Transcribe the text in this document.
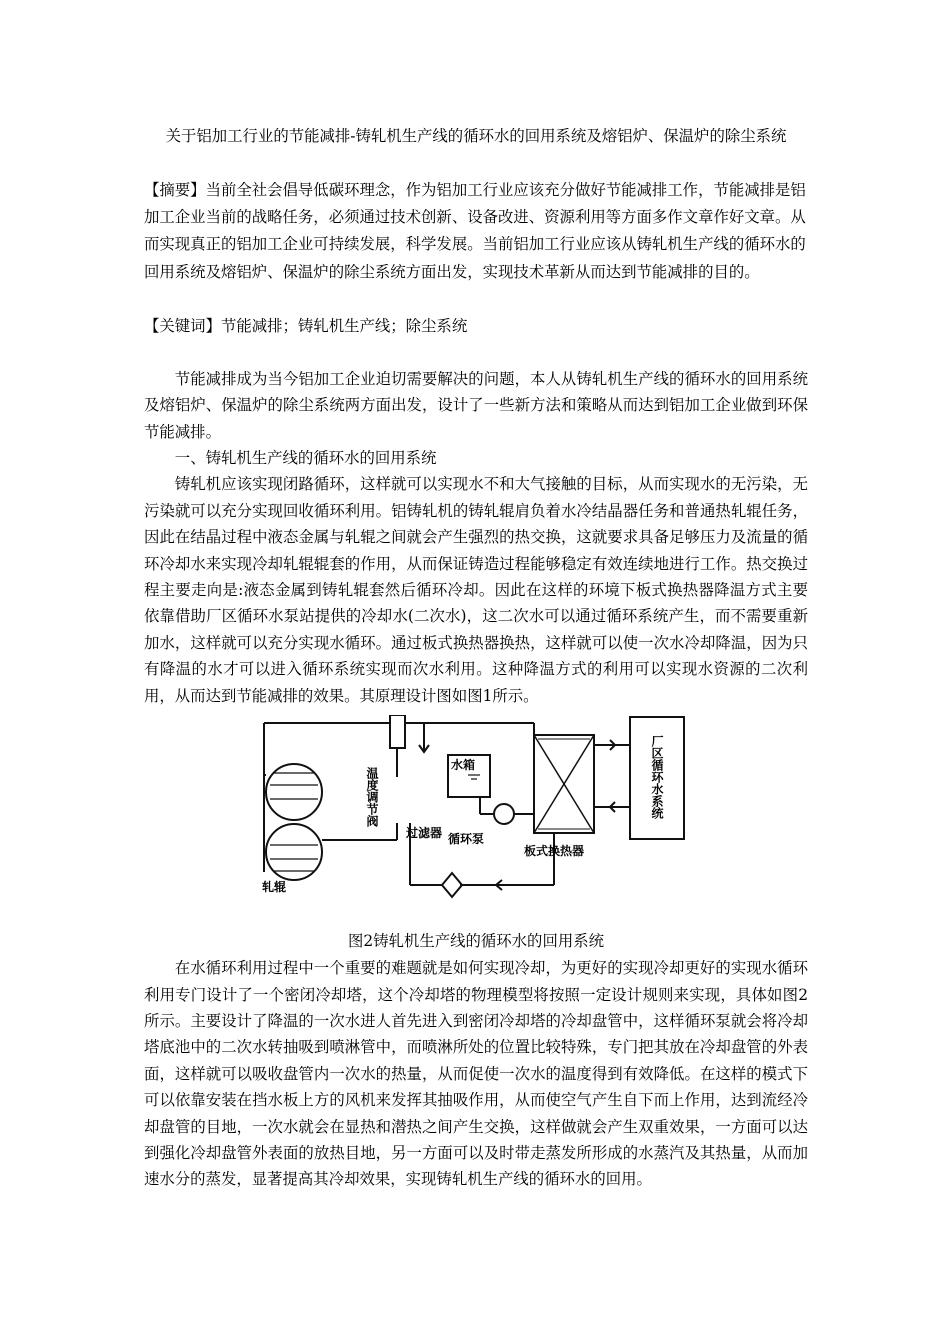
关于铝加工行业的节能减排-铸轧机生产线的循环水的回用系统及熔铝炉、保温炉的除尘系统
【摘要】当前全社会倡导低碳环理念，作为铝加工行业应该充分做好节能减排工作，节能减排是铝加工企业当前的战略任务，必须通过技术创新、设备改进、资源利用等方面多作文章作好文章。从而实现真正的铝加工企业可持续发展，科学发展。当前铝加工行业应该从铸轧机生产线的循环水的回用系统及熔铝炉、保温炉的除尘系统方面出发，实现技术革新从而达到节能减排的目的。
【关键词】节能减排；铸轧机生产线；除尘系统
节能减排成为当今铝加工企业迫切需要解决的问题，本人从铸轧机生产线的循环水的回用系统及熔铝炉、保温炉的除尘系统两方面出发，设计了一些新方法和策略从而达到铝加工企业做到环保节能减排。
一、铸轧机生产线的循环水的回用系统
铸轧机应该实现闭路循环，这样就可以实现水不和大气接触的目标，从而实现水的无污染，无污染就可以充分实现回收循环利用。铝铸轧机的铸轧辊肩负着水冷结晶器任务和普通热轧辊任务，因此在结晶过程中液态金属与轧辊之间就会产生强烈的热交换，这就要求具备足够压力及流量的循环冷却水来实现冷却轧辊辊套的作用，从而保证铸造过程能够稳定有效连续地进行工作。热交换过程主要走向是:液态金属到铸轧辊套然后循环冷却。因此在这样的环境下板式换热器降温方式主要依靠借助厂区循环水泵站提供的冷却水(二次水)，这二次水可以通过循环系统产生，而不需要重新加水，这样就可以充分实现水循环。通过板式换热器换热，这样就可以使一次水冷却降温，因为只有降温的水才可以进入循环系统实现而次水利用。这种降温方式的利用可以实现水资源的二次利用，从而达到节能减排的效果。其原理设计图如图1所示。
轧辊
过滤器
水箱
循环泵
板式换热器
温度调节阀	厂区循环水系统
图2铸轧机生产线的循环水的回用系统
在水循环利用过程中一个重要的难题就是如何实现冷却，为更好的实现冷却更好的实现水循环利用专门设计了一个密闭冷却塔，这个冷却塔的物理模型将按照一定设计规则来实现，具体如图2所示。主要设计了降温的一次水进人首先进入到密闭冷却塔的冷却盘管中，这样循环泵就会将冷却塔底池中的二次水转抽吸到喷淋管中，而喷淋所处的位置比较特殊，专门把其放在冷却盘管的外表面，这样就可以吸收盘管内一次水的热量，从而促使一次水的温度得到有效降低。在这样的模式下可以依靠安装在挡水板上方的风机来发挥其抽吸作用，从而使空气产生自下而上作用，达到流经冷却盘管的目地，一次水就会在显热和潜热之间产生交换，这样做就会产生双重效果，一方面可以达到强化冷却盘管外表面的放热目地，另一方面可以及时带走蒸发所形成的水蒸汽及其热量，从而加速水分的蒸发，显著提高其冷却效果，实现铸轧机生产线的循环水的回用。
